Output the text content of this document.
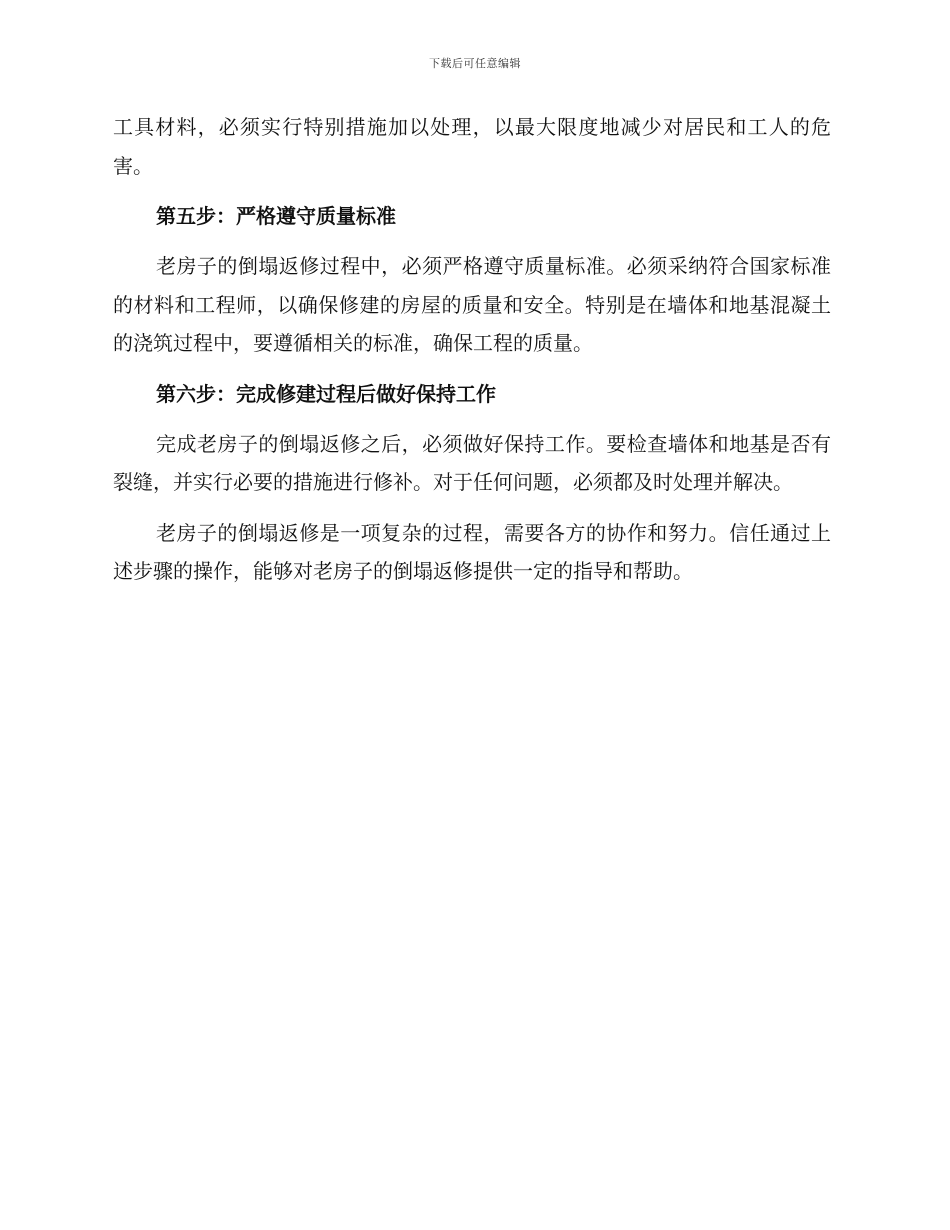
下载后可任意编辑

工具材料，必须实行特别措施加以处理，以最大限度地减少对居民和工人的危害。

第五步：严格遵守质量标准

老房子的倒塌返修过程中，必须严格遵守质量标准。必须采纳符合国家标准的材料和工程师，以确保修建的房屋的质量和安全。特别是在墙体和地基混凝土的浇筑过程中，要遵循相关的标准，确保工程的质量。

第六步：完成修建过程后做好保持工作

完成老房子的倒塌返修之后，必须做好保持工作。要检查墙体和地基是否有裂缝，并实行必要的措施进行修补。对于任何问题，必须都及时处理并解决。

老房子的倒塌返修是一项复杂的过程，需要各方的协作和努力。信任通过上述步骤的操作，能够对老房子的倒塌返修提供一定的指导和帮助。
